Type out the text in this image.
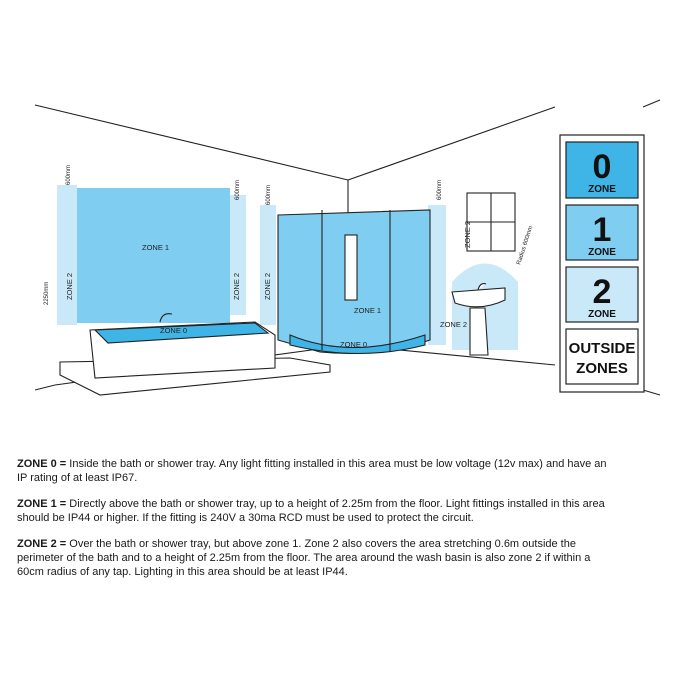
ZONE 1
ZONE 0
ZONE 1
ZONE 0
ZONE 2
ZONE 2	ZONE 2	ZONE 2
ZONE 2
600mm
600mm	600mm	600mm
2250mm
Radius 600mm
0
ZONE
1
ZONE
2
ZONE
OUTSIDE
ZONES

ZONE 0 = Inside the bath or shower tray. Any light fitting installed in this area must be low voltage (12v max) and have an IP rating of at least IP67.

ZONE 1 = Directly above the bath or shower tray, up to a height of 2.25m from the floor. Light fittings installed in this area should be IP44 or higher. If the fitting is 240V a 30ma RCD must be used to protect the circuit.

ZONE 2 = Over the bath or shower tray, but above zone 1. Zone 2 also covers the area stretching 0.6m outside the perimeter of the bath and to a height of 2.25m from the floor. The area around the wash basin is also zone 2 if within a 60cm radius of any tap. Lighting in this area should be at least IP44.
